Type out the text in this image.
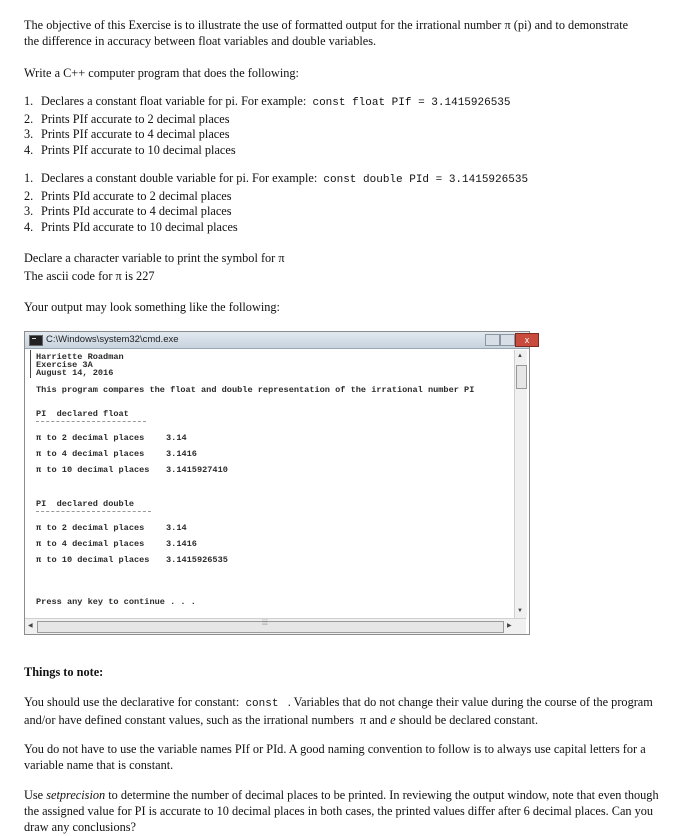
The objective of this Exercise is to illustrate the use of formatted output for the irrational number π (pi) and to demonstrate the difference in accuracy between float variables and double variables.

Write a C++ computer program that does the following:

1. Declares a constant float variable for pi. For example: const float PIf = 3.1415926535
2. Prints PIf accurate to 2 decimal places
3. Prints PIf accurate to 4 decimal places
4. Prints PIf accurate to 10 decimal places
1. Declares a constant double variable for pi. For example: const double PId = 3.1415926535
2. Prints PId accurate to 2 decimal places
3. Prints PId accurate to 4 decimal places
4. Prints PId accurate to 10 decimal places

Declare a character variable to print the symbol for π

The ascii code for π is 227

Your output may look something like the following:

Things to note:

You should use the declarative for constant: const . Variables that do not change their value during the course of the program and/or have defined constant values, such as the irrational numbers π and e should be declared constant.

You do not have to use the variable names PIf or PId. A good naming convention to follow is to always use capital letters for a variable name that is constant.

Use setprecision to determine the number of decimal places to be printed. In reviewing the output window, note that even though the assigned value for PI is accurate to 10 decimal places in both cases, the printed values differ after 6 decimal places. Can you draw any conclusions?

C:\Windows\system32\cmd.exe	x
Harriette Roadman
Exercise 3A
August 14, 2016
This program compares the float and double representation of the irrational number PI
PI  declared float
π to 2 decimal places	3.14
π to 4 decimal places	3.1416
π to 10 decimal places 3.1415927410
PI  declared double
π to 2 decimal places	3.14
π to 4 decimal places	3.1416
π to 10 decimal places 3.1415926535
Press any key to continue . . .
▲
▼
◀	⁞⁞⁞	▶
